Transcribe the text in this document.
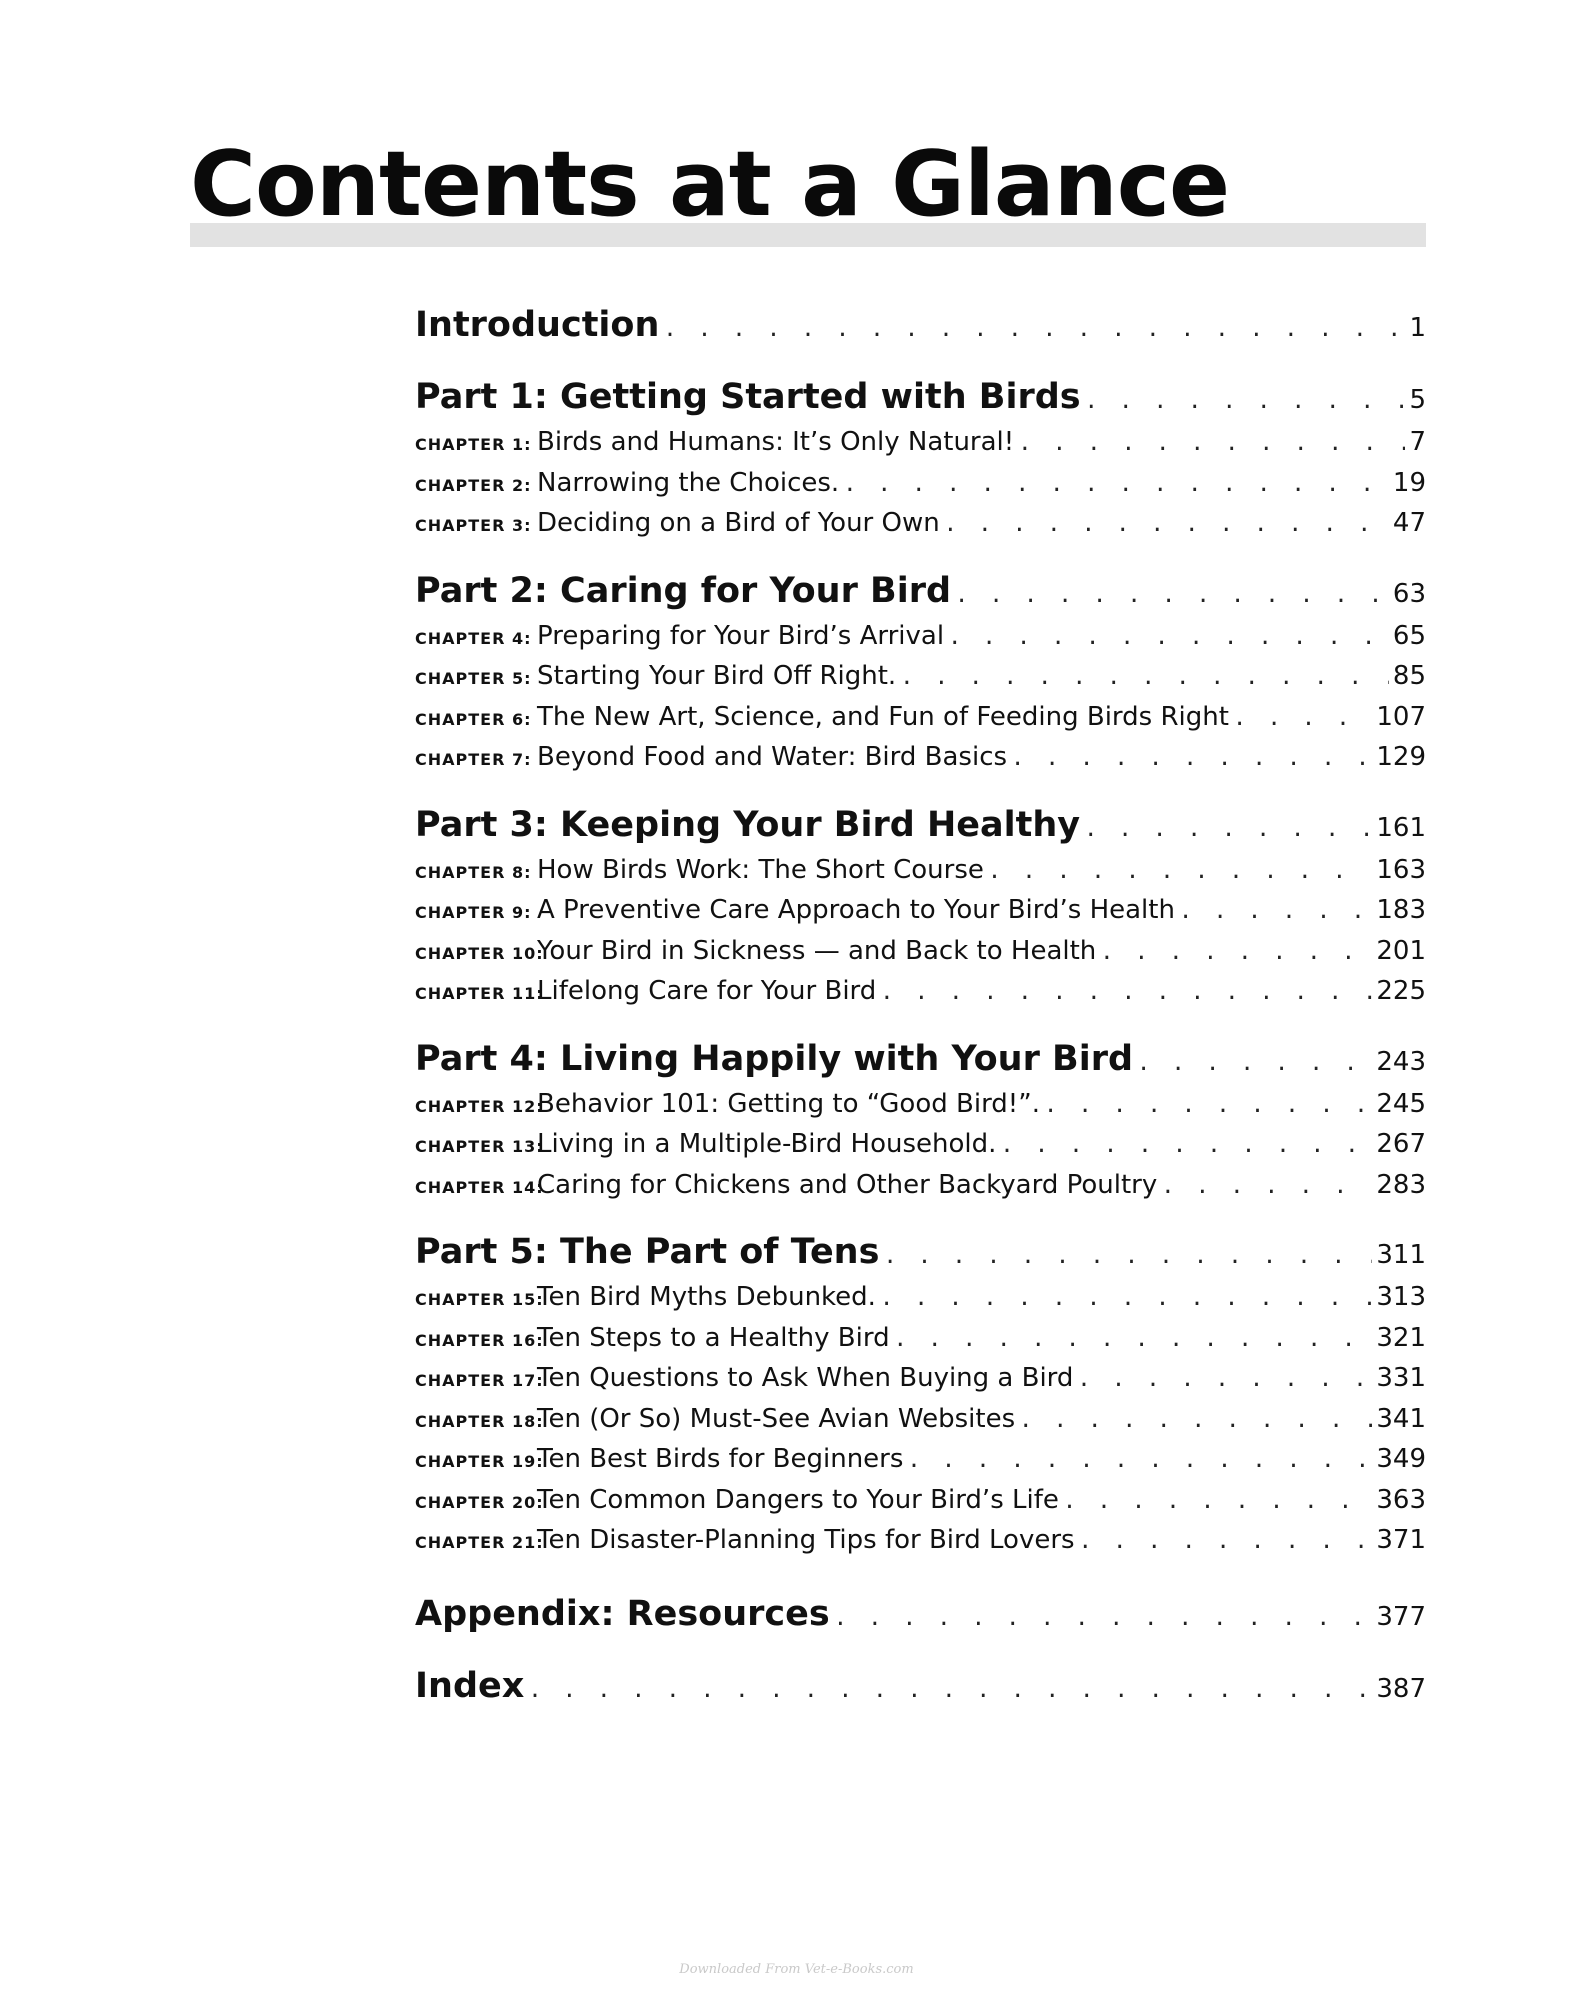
Contents at a Glance
Introduction . . .	1
Part 1: Getting Started with Birds . . .	5
CHAPTER 1: Birds and Humans: It’s Only Natural! . . .	7
CHAPTER 2: Narrowing the Choices. . . .	19
CHAPTER 3: Deciding on a Bird of Your Own . . .	47
Part 2: Caring for Your Bird . . .	63
CHAPTER 4: Preparing for Your Bird’s Arrival . . .	65
CHAPTER 5: Starting Your Bird Off Right. . . .	85
CHAPTER 6: The New Art, Science, and Fun of Feeding Birds Right . . .	107
CHAPTER 7: Beyond Food and Water: Bird Basics . . .	129
Part 3: Keeping Your Bird Healthy . . .	161
CHAPTER 8: How Birds Work: The Short Course . . .	163
CHAPTER 9: A Preventive Care Approach to Your Bird’s Health . . .	183
CHAPTER 10:
Your Bird in Sickness — and Back to Health . . .	201
CHAPTER 11:
Lifelong Care for Your Bird . . .	225
Part 4: Living Happily with Your Bird . . .	243
CHAPTER 12:
Behavior 101: Getting to “Good Bird!”. . . .	245
CHAPTER 13:
Living in a Multiple-Bird Household. . . .	267
CHAPTER 14:
Caring for Chickens and Other Backyard Poultry . . .	283
Part 5: The Part of Tens . . .	311
CHAPTER 15:
Ten Bird Myths Debunked. . . .	313
CHAPTER 16:
Ten Steps to a Healthy Bird . . .	321
CHAPTER 17:
Ten Questions to Ask When Buying a Bird . . .	331
CHAPTER 18:
Ten (Or So) Must-See Avian Websites . . .	341
CHAPTER 19:
Ten Best Birds for Beginners . . .	349
CHAPTER 20:
Ten Common Dangers to Your Bird’s Life . . .	363
CHAPTER 21:
Ten Disaster-Planning Tips for Bird Lovers . . .	371
Appendix: Resources . . .	377
Index . . .	387
Downloaded From Vet-e-Books.com
